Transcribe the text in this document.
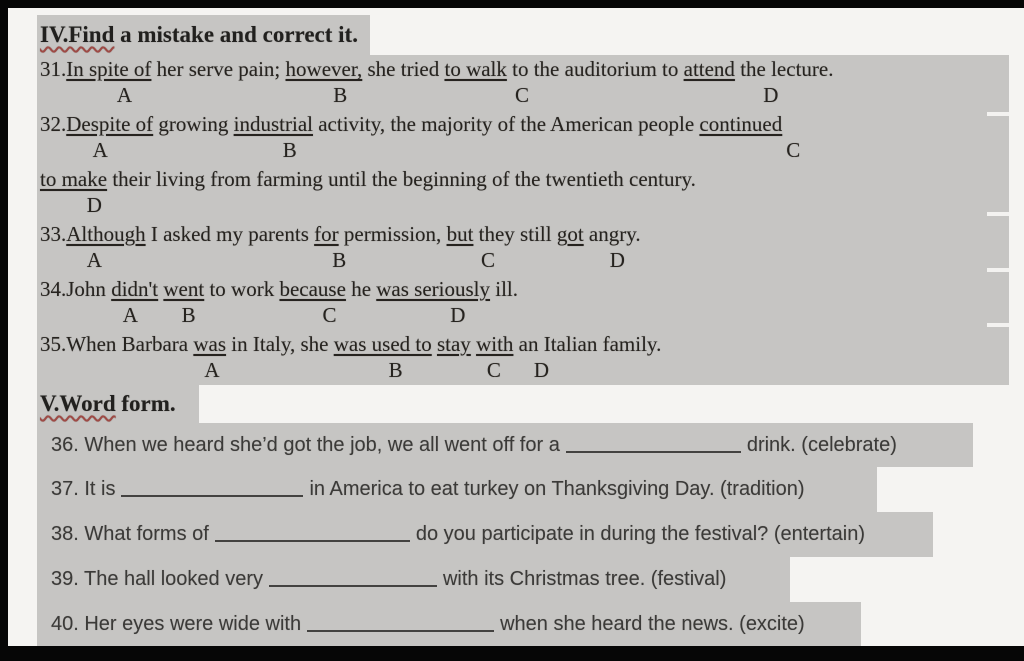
IV.Find a mistake and correct it.
31.In spite of her serve pain; however, she tried to walk to the auditorium to attend the lecture.
A	B	C	D
32.Despite of growing industrial activity, the majority of the American people continued
A	B	C
to make their living from farming until the beginning of the twentieth century.
D
33.Although I asked my parents for permission, but they still got angry.
A	B	C	D
34.John didn't went to work because he was seriously ill.
A B	C	D
35.When Barbara was in Italy, she was used to stay with an Italian family.
A	B	C D
V.Word form.
36. When we heard she’d got the job, we all went off for a	drink. (celebrate)
37. It is	in America to eat turkey on Thanksgiving Day. (tradition)
38. What forms of	do you participate in during the festival? (entertain)
39. The hall looked very	with its Christmas tree. (festival)
40. Her eyes were wide with	when she heard the news. (excite)
